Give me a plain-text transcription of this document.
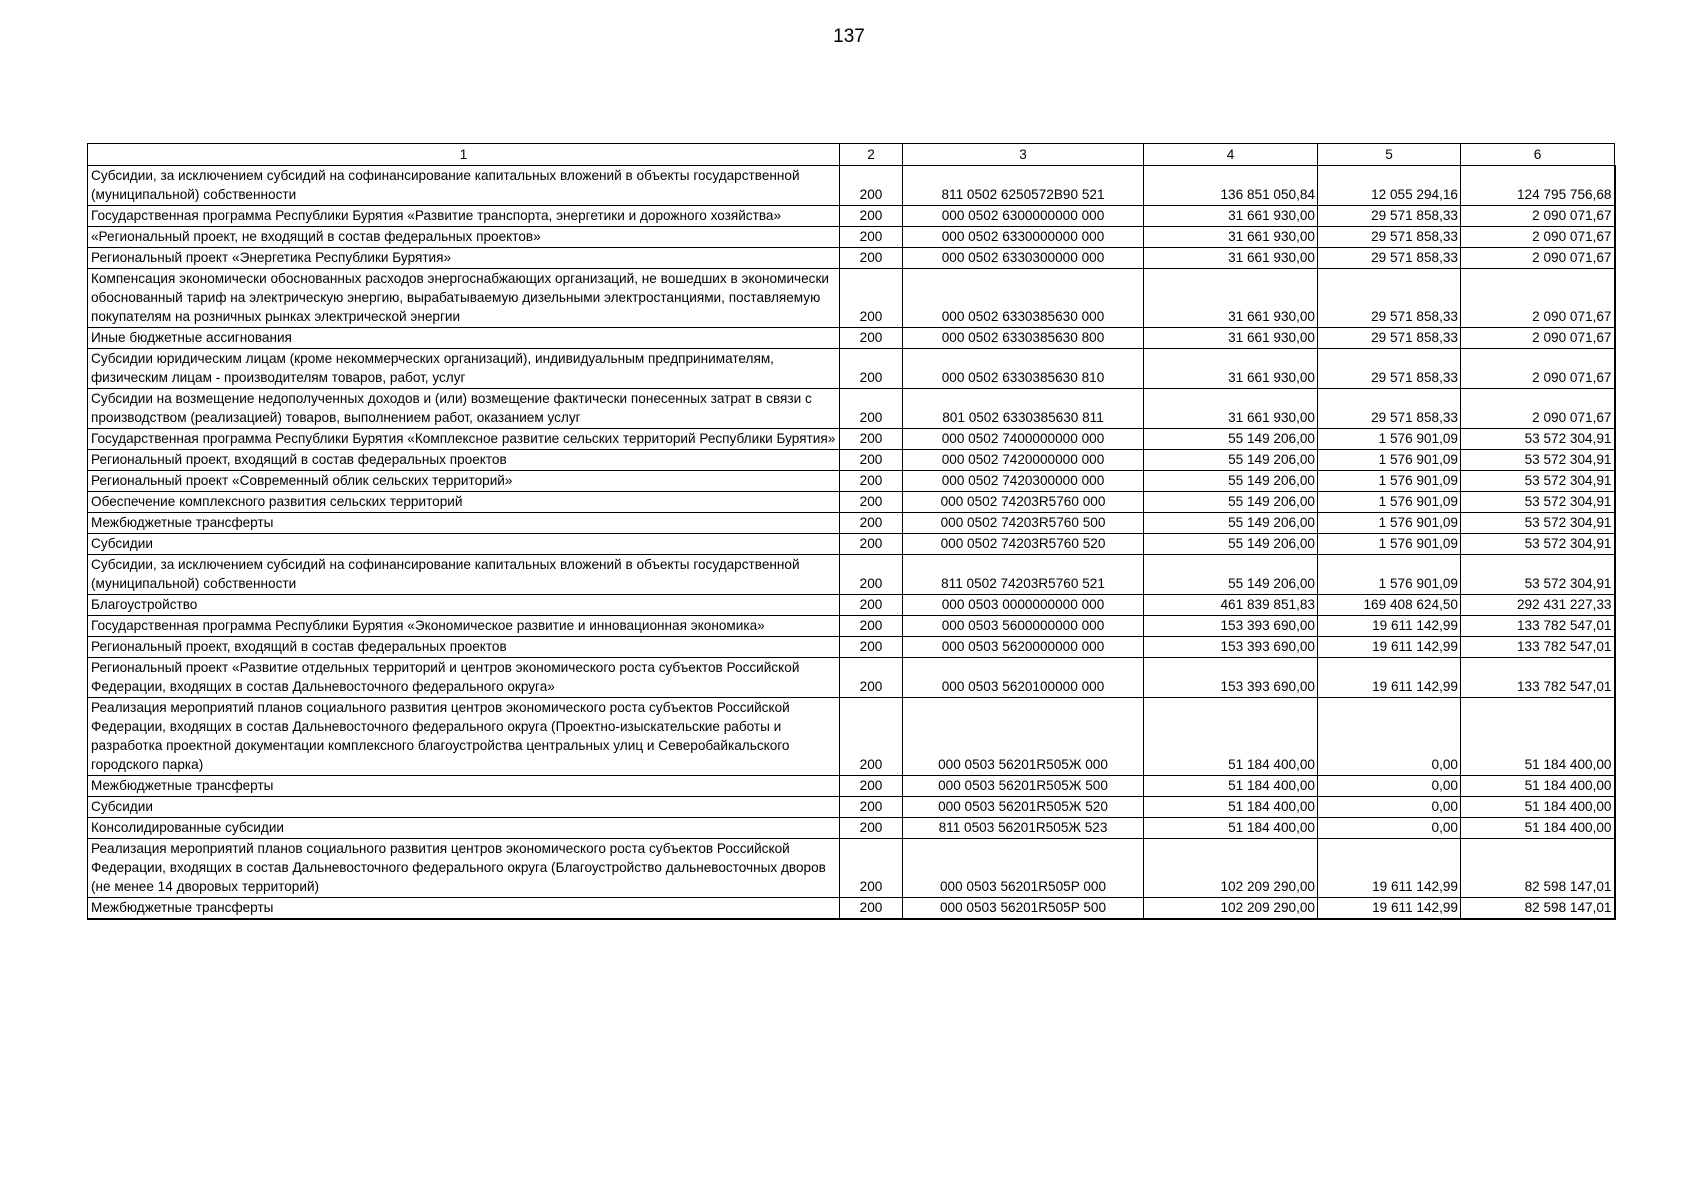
137
1	2	3	4	5	6
Субсидии, за исключением субсидий на софинансирование капитальных вложений в объекты государственной (муниципальной) собственности	200	811 0502 6250572В90 521	136 851 050,84	12 055 294,16	124 795 756,68
Государственная программа Республики Бурятия «Развитие транспорта, энергетики и дорожного хозяйства»	200	000 0502 6300000000 000	31 661 930,00	29 571 858,33	2 090 071,67
«Региональный проект, не входящий в состав федеральных проектов»	200	000 0502 6330000000 000	31 661 930,00	29 571 858,33	2 090 071,67
Региональный проект «Энергетика Республики Бурятия»	200	000 0502 6330300000 000	31 661 930,00	29 571 858,33	2 090 071,67
Компенсация экономически обоснованных расходов энергоснабжающих организаций, не вошедших в экономически обоснованный тариф на электрическую энергию, вырабатываемую дизельными электростанциями, поставляемую покупателям на розничных рынках электрической энергии	200	000 0502 6330385630 000	31 661 930,00	29 571 858,33	2 090 071,67
Иные бюджетные ассигнования	200	000 0502 6330385630 800	31 661 930,00	29 571 858,33	2 090 071,67
Субсидии юридическим лицам (кроме некоммерческих организаций), индивидуальным предпринимателям, физическим лицам - производителям товаров, работ, услуг	200	000 0502 6330385630 810	31 661 930,00	29 571 858,33	2 090 071,67
Субсидии на возмещение недополученных доходов и (или) возмещение фактически понесенных затрат в связи с производством (реализацией) товаров, выполнением работ, оказанием услуг	200	801 0502 6330385630 811	31 661 930,00	29 571 858,33	2 090 071,67
Государственная программа Республики Бурятия «Комплексное развитие сельских территорий Республики Бурятия»	200	000 0502 7400000000 000	55 149 206,00	1 576 901,09	53 572 304,91
Региональный проект, входящий в состав федеральных проектов	200	000 0502 7420000000 000	55 149 206,00	1 576 901,09	53 572 304,91
Региональный проект «Современный облик сельских территорий»	200	000 0502 7420300000 000	55 149 206,00	1 576 901,09	53 572 304,91
Обеспечение комплексного развития сельских территорий	200	000 0502 74203R5760 000	55 149 206,00	1 576 901,09	53 572 304,91
Межбюджетные трансферты	200	000 0502 74203R5760 500	55 149 206,00	1 576 901,09	53 572 304,91
Субсидии	200	000 0502 74203R5760 520	55 149 206,00	1 576 901,09	53 572 304,91
Субсидии, за исключением субсидий на софинансирование капитальных вложений в объекты государственной (муниципальной) собственности	200	811 0502 74203R5760 521	55 149 206,00	1 576 901,09	53 572 304,91
Благоустройство	200	000 0503 0000000000 000	461 839 851,83	169 408 624,50	292 431 227,33
Государственная программа Республики Бурятия «Экономическое развитие и инновационная экономика»	200	000 0503 5600000000 000	153 393 690,00	19 611 142,99	133 782 547,01
Региональный проект, входящий в состав федеральных проектов	200	000 0503 5620000000 000	153 393 690,00	19 611 142,99	133 782 547,01
Региональный проект «Развитие отдельных территорий и центров экономического роста субъектов Российской Федерации, входящих в состав Дальневосточного федерального округа»	200	000 0503 5620100000 000	153 393 690,00	19 611 142,99	133 782 547,01
Реализация мероприятий планов социального развития центров экономического роста субъектов Российской Федерации, входящих в состав Дальневосточного федерального округа (Проектно-изыскательские работы и разработка проектной документации комплексного благоустройства центральных улиц и Северобайкальского городского парка)	200	000 0503 56201R505Ж 000	51 184 400,00	0,00	51 184 400,00
Межбюджетные трансферты	200	000 0503 56201R505Ж 500	51 184 400,00	0,00	51 184 400,00
Субсидии	200	000 0503 56201R505Ж 520	51 184 400,00	0,00	51 184 400,00
Консолидированные субсидии	200	811 0503 56201R505Ж 523	51 184 400,00	0,00	51 184 400,00
Реализация мероприятий планов социального развития центров экономического роста субъектов Российской Федерации, входящих в состав Дальневосточного федерального округа (Благоустройство дальневосточных дворов (не менее 14 дворовых территорий)	200	000 0503 56201R505P 000	102 209 290,00	19 611 142,99	82 598 147,01
Межбюджетные трансферты	200	000 0503 56201R505P 500	102 209 290,00	19 611 142,99	82 598 147,01
